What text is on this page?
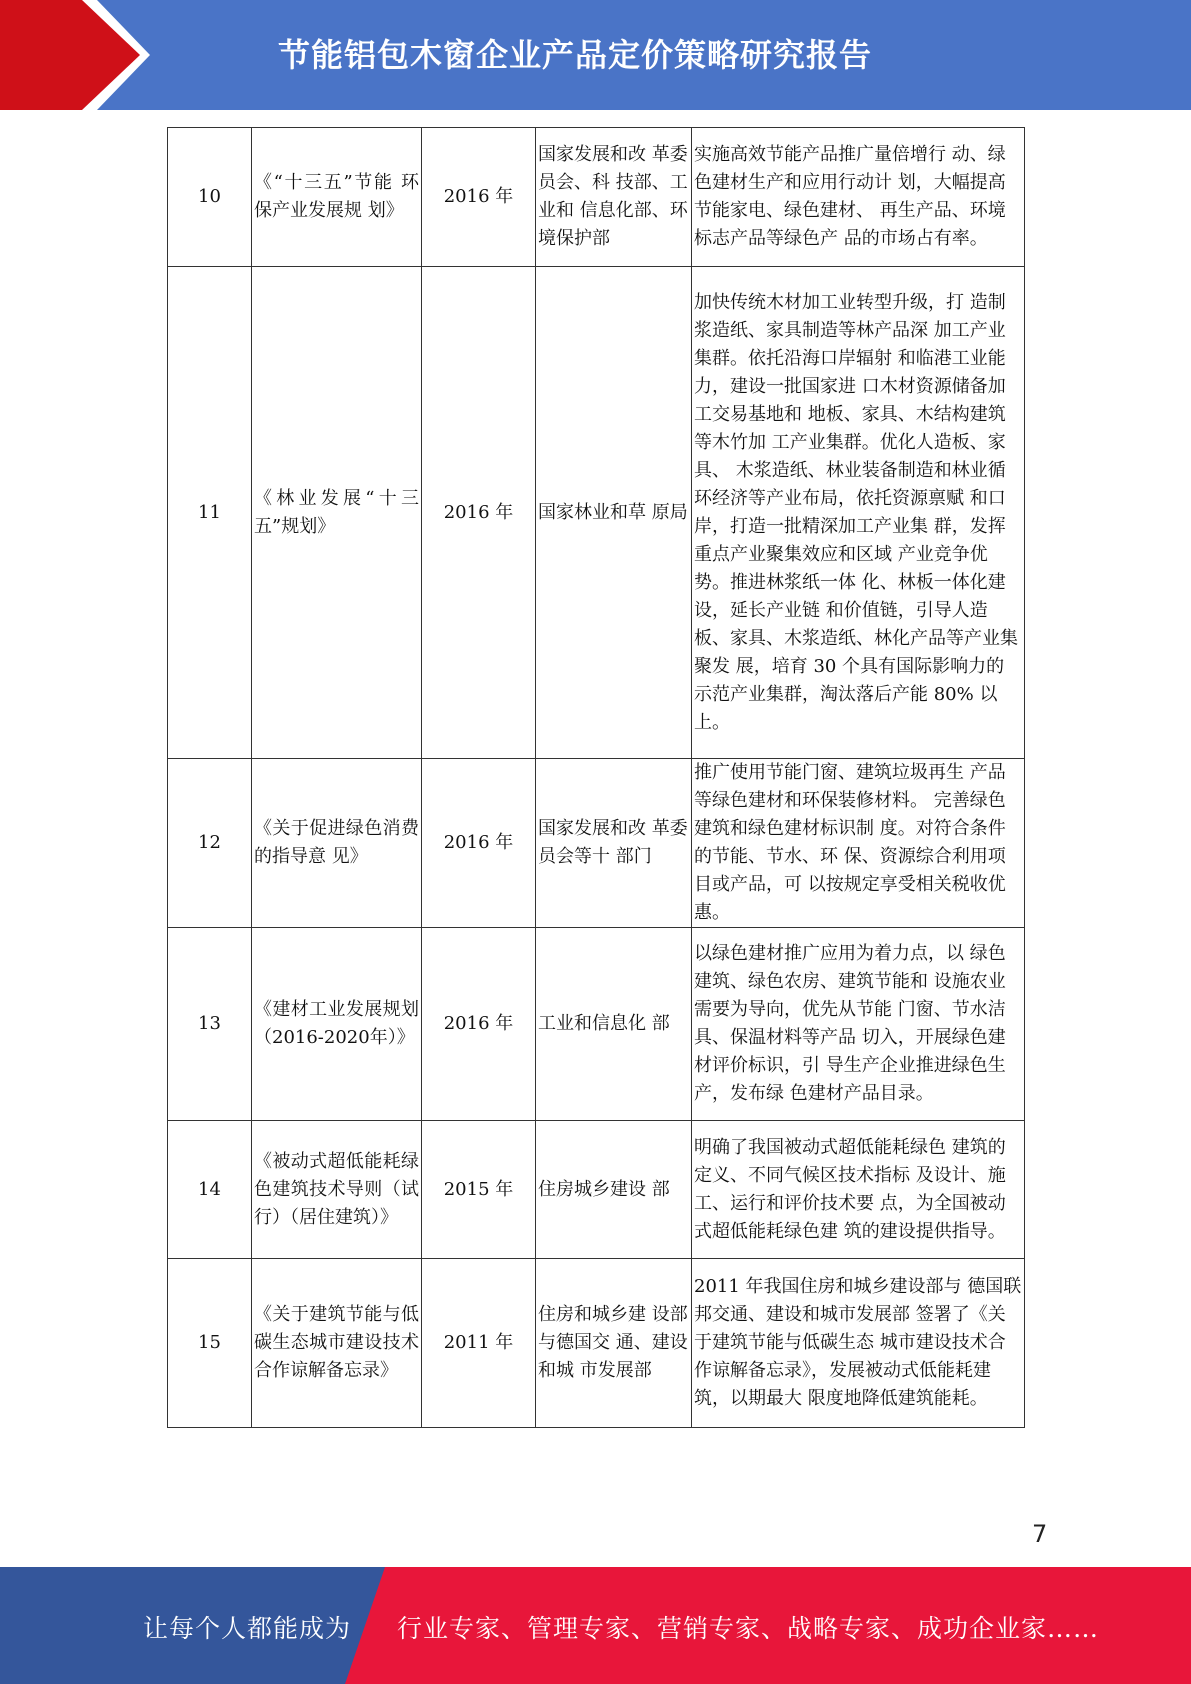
节能铝包木窗企业产品定价策略研究报告
10	《“十三五”节能 环保产业发展规 划》	2016 年	国家发展和改 革委员会、科 技部、工业和 信息化部、环 境保护部	实施高效节能产品推广量倍增行 动、绿色建材生产和应用行动计 划，大幅提高节能家电、绿色建材、 再生产品、环境标志产品等绿色产 品的市场占有率。
11	《林业发展“十三五”规划》	2016 年	国家林业和草 原局	加快传统木材加工业转型升级，打 造制浆造纸、家具制造等林产品深 加工产业集群。依托沿海口岸辐射 和临港工业能力，建设一批国家进 口木材资源储备加工交易基地和 地板、家具、木结构建筑等木竹加 工产业集群。优化人造板、家具、 木浆造纸、林业装备制造和林业循 环经济等产业布局，依托资源禀赋 和口岸，打造一批精深加工产业集 群，发挥重点产业聚集效应和区域 产业竞争优势。推进林浆纸一体 化、林板一体化建设，延长产业链 和价值链，引导人造板、家具、木浆造纸、林化产品等产业集聚发 展，培育 30 个具有国际影响力的 示范产业集群，淘汰落后产能 80% 以上。
12	《关于促进绿色消费的指导意 见》	2016 年	国家发展和改 革委员会等十 部门	推广使用节能门窗、建筑垃圾再生 产品等绿色建材和环保装修材料。 完善绿色建筑和绿色建材标识制 度。对符合条件的节能、节水、环 保、资源综合利用项目或产品，可 以按规定享受相关税收优惠。
13	《建材工业发展规划（2016-2020年）》	2016 年	工业和信息化 部	以绿色建材推广应用为着力点，以 绿色建筑、绿色农房、建筑节能和 设施农业需要为导向，优先从节能 门窗、节水洁具、保温材料等产品 切入，开展绿色建材评价标识，引 导生产企业推进绿色生产，发布绿 色建材产品目录。
14	《被动式超低能耗绿色建筑技术导则（试行）（居住建筑）》	2015 年	住房城乡建设 部	明确了我国被动式超低能耗绿色 建筑的定义、不同气候区技术指标 及设计、施工、运行和评价技术要 点，为全国被动式超低能耗绿色建 筑的建设提供指导。
15	《关于建筑节能与低碳生态城市建设技术合作谅解备忘录》	2011 年	住房和城乡建 设部与德国交 通、建设和城 市发展部	2011 年我国住房和城乡建设部与 德国联邦交通、建设和城市发展部 签署了《关于建筑节能与低碳生态 城市建设技术合作谅解备忘录》，发展被动式低能耗建筑，以期最大 限度地降低建筑能耗。
7
让每个人都能成为 行业专家、管理专家、营销专家、战略专家、成功企业家……
